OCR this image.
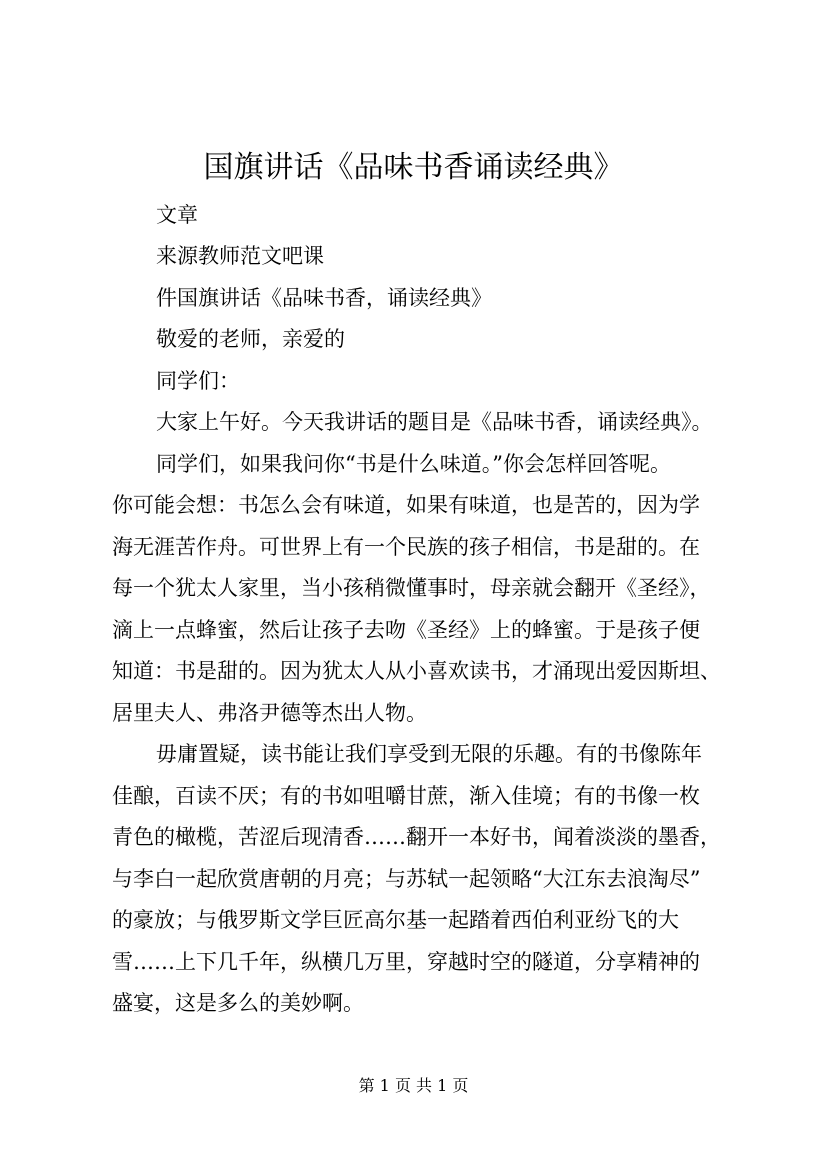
国旗讲话《品味书香诵读经典》

文章

来源教师范文吧课

件国旗讲话《品味书香，诵读经典》

敬爱的老师，亲爱的

同学们：

大家上午好。今天我讲话的题目是《品味书香，诵读经典》。

同学们，如果我问你“书是什么味道。”你会怎样回答呢。

你可能会想：书怎么会有味道，如果有味道，也是苦的，因为学

海无涯苦作舟。可世界上有一个民族的孩子相信，书是甜的。在

每一个犹太人家里，当小孩稍微懂事时，母亲就会翻开《圣经》，

滴上一点蜂蜜，然后让孩子去吻《圣经》上的蜂蜜。于是孩子便

知道：书是甜的。因为犹太人从小喜欢读书，才涌现出爱因斯坦、

居里夫人、弗洛尹德等杰出人物。

毋庸置疑，读书能让我们享受到无限的乐趣。有的书像陈年

佳酿，百读不厌；有的书如咀嚼甘蔗，渐入佳境；有的书像一枚

青色的橄榄，苦涩后现清香……翻开一本好书，闻着淡淡的墨香，

与李白一起欣赏唐朝的月亮；与苏轼一起领略“大江东去浪淘尽”

的豪放；与俄罗斯文学巨匠高尔基一起踏着西伯利亚纷飞的大

雪……上下几千年，纵横几万里，穿越时空的隧道，分享精神的

盛宴，这是多么的美妙啊。

第 1 页 共 1 页
